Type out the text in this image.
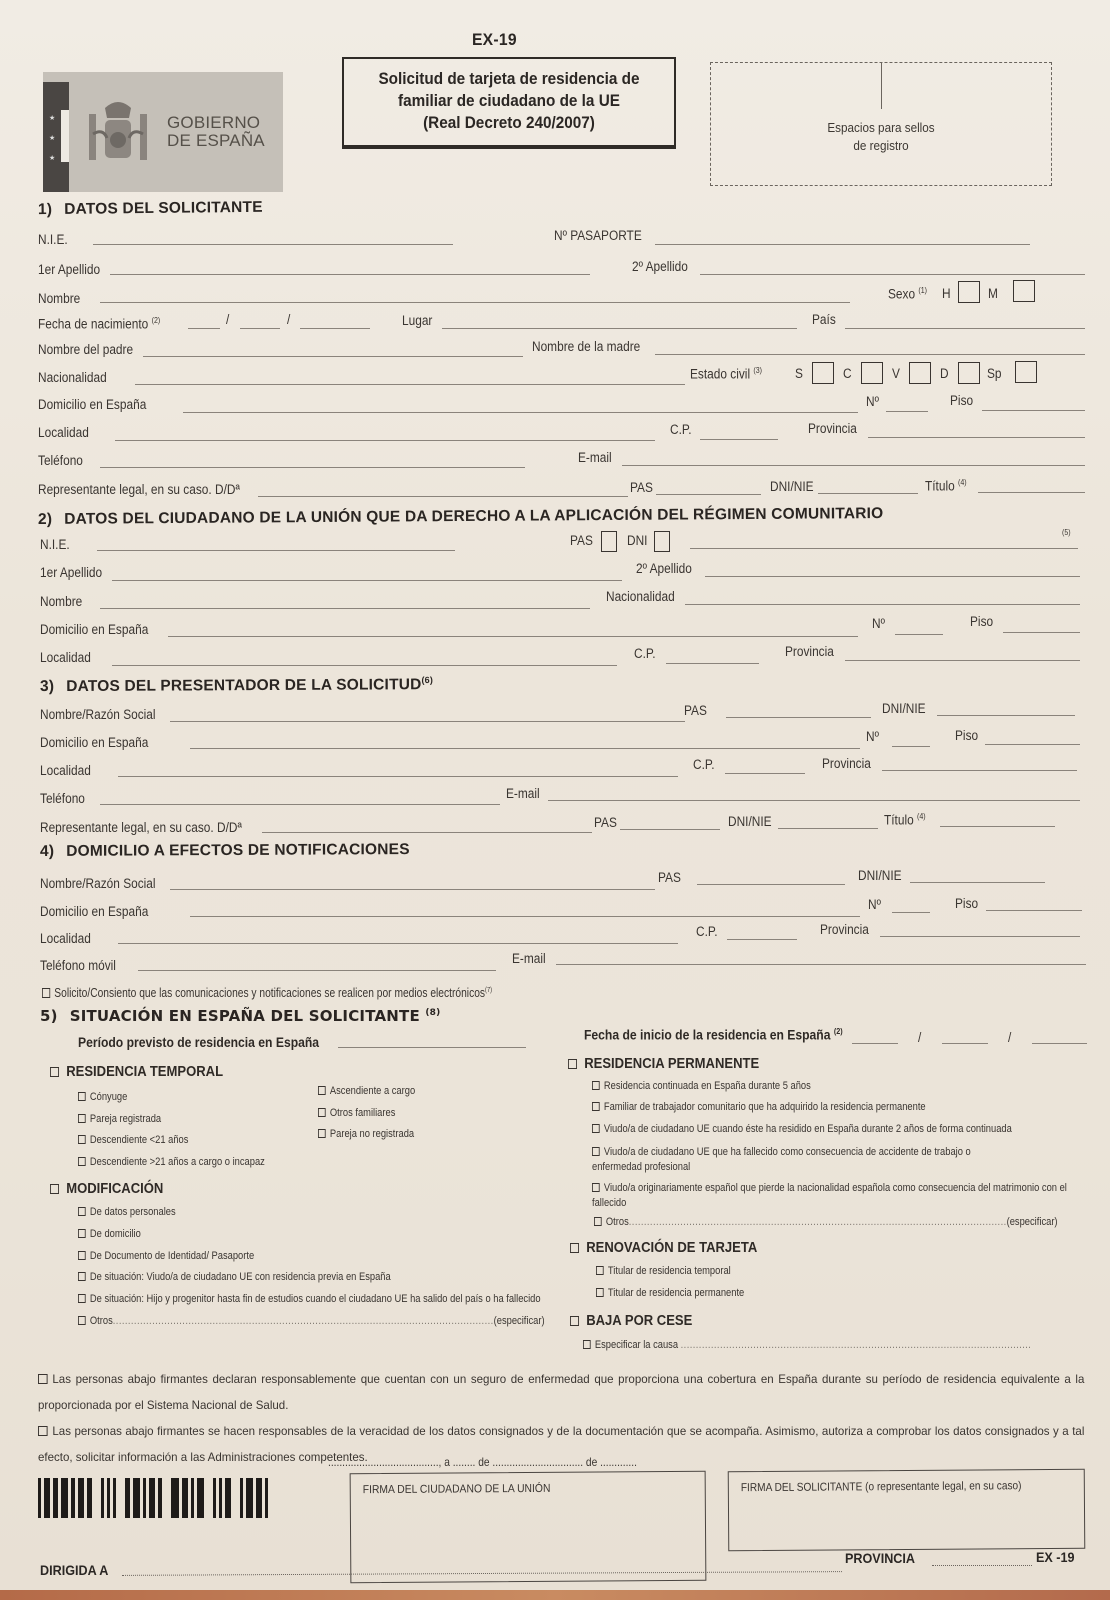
EX-19
★
★
★
GOBIERNO
DE ESPAÑA
Solicitud de tarjeta de residencia de
familiar de ciudadano de la UE
(Real Decreto 240/2007)	Espacios para sellos
de registro
1) DATOS DEL SOLICITANTE
N.I.E.	Nº PASAPORTE
1er Apellido	2º Apellido
Nombre	Sexo $^{(1)}$ H	M
Fecha de nacimiento $^{(2)}$	/	/	Lugar	País
Nombre del padre	Nombre de la madre
Nacionalidad	Estado civil $^{(3)}$ S	C	V	D	Sp
Domicilio en España	Nº	Piso
Localidad	C.P.	Provincia
Teléfono	E-mail
Representante legal, en su caso. D/Dª	PAS	DNI/NIE	Título $^{(4)}$
2) DATOS DEL CIUDADANO DE LA UNIÓN QUE DA DERECHO A LA APLICACIÓN DEL RÉGIMEN COMUNITARIO
N.I.E.	PAS	DNI
(5)
1er Apellido	2º Apellido
Nombre	Nacionalidad
Domicilio en España	Nº	Piso
Localidad	C.P.	Provincia
3) DATOS DEL PRESENTADOR DE LA SOLICITUD$^{(6)}$
Nombre/Razón Social	PAS	DNI/NIE
Domicilio en España	Nº	Piso
Localidad	C.P.	Provincia
Teléfono	E-mail
Representante legal, en su caso. D/Dª	PAS	DNI/NIE	Título $^{(4)}$
4) DOMICILIO A EFECTOS DE NOTIFICACIONES
Nombre/Razón Social	PAS	DNI/NIE
Domicilio en España	Nº	Piso
Localidad	C.P.	Provincia
Teléfono móvil	E-mail
Solicito/Consiento que las comunicaciones y notificaciones se realicen por medios electrónicos$^{(7)}$
5) SITUACIÓN EN ESPAÑA DEL SOLICITANTE $^{(8)}$
Período previsto de residencia en España	Fecha de inicio de la residencia en España $^{(2)}$	/	/
RESIDENCIA TEMPORAL
Cónyuge
Pareja registrada
Descendiente <21 años
Descendiente >21 años a cargo o incapaz
Ascendiente a cargo
Otros familiares
Pareja no registrada
MODIFICACIÓN
De datos personales
De domicilio
De Documento de Identidad/ Pasaporte
De situación: Viudo/a de ciudadano UE con residencia previa en España
De situación: Hijo y progenitor hasta fin de estudios cuando el ciudadano UE ha salido del país o ha fallecido
Otros..............................................................................................................................(especificar)
RESIDENCIA PERMANENTE
Residencia continuada en España durante 5 años
Familiar de trabajador comunitario que ha adquirido la residencia permanente
Viudo/a de ciudadano UE cuando éste ha residido en España durante 2 años de forma continuada
Viudo/a de ciudadano UE que ha fallecido como consecuencia de accidente de trabajo o enfermedad profesional
Viudo/a originariamente español que pierde la nacionalidad española como consecuencia del matrimonio con el fallecido
Otros.............................................................................................................................(especificar)
RENOVACIÓN DE TARJETA
Titular de residencia temporal
Titular de residencia permanente
BAJA POR CESE
Especificar la causa ....................................................................................................................
Las personas abajo firmantes declaran responsablemente que cuentan con un seguro de enfermedad que proporciona una cobertura en España durante su período de residencia equivalente a la proporcionada por el Sistema Nacional de Salud.
Las personas abajo firmantes se hacen responsables de la veracidad de los datos consignados y de la documentación que se acompaña. Asimismo, autoriza a comprobar los datos consignados y a tal efecto, solicitar información a las Administraciones competentes.
......................................., a ........ de ................................ de .............
FIRMA DEL CIUDADANO DE LA UNIÓN	FIRMA DEL SOLICITANTE (o representante legal, en su caso)
DIRIGIDA A
PROVINCIA	EX -19
